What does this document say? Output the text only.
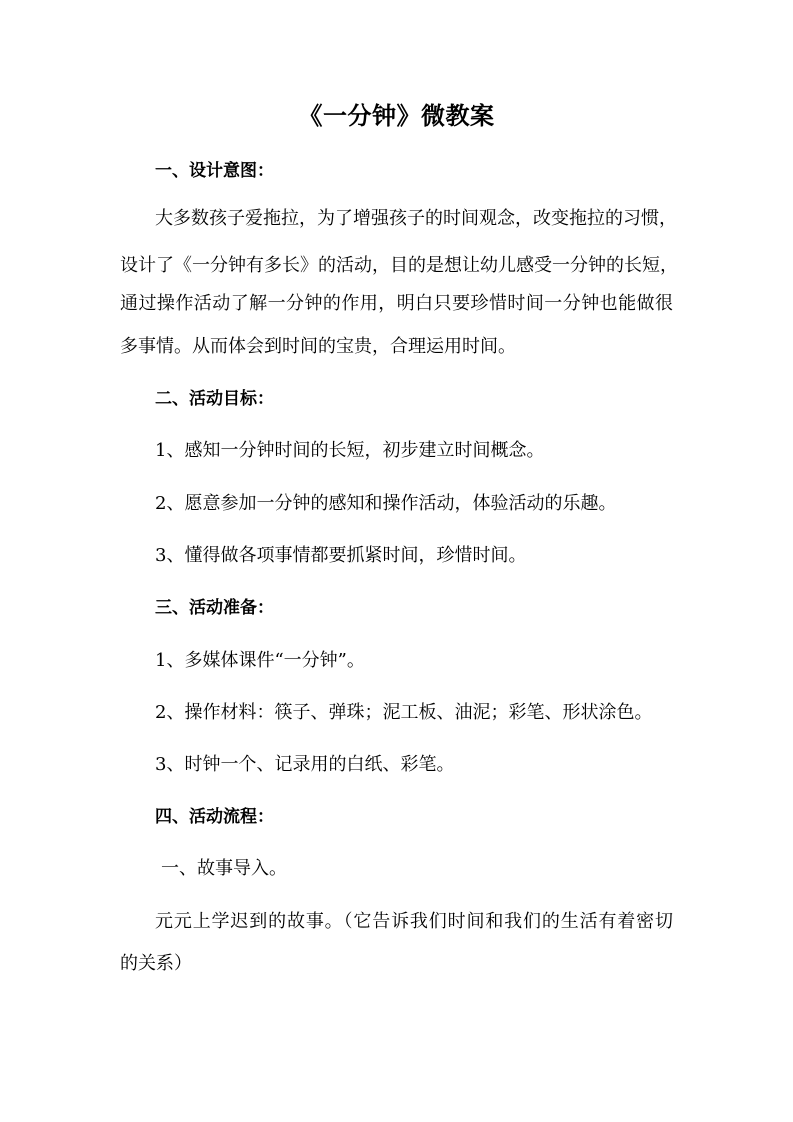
《一分钟》微教案
一、设计意图：
大多数孩子爱拖拉，为了增强孩子的时间观念，改变拖拉的习惯，
设计了《一分钟有多长》的活动，目的是想让幼儿感受一分钟的长短，
通过操作活动了解一分钟的作用，明白只要珍惜时间一分钟也能做很
多事情。从而体会到时间的宝贵，合理运用时间。
二、活动目标：
1、感知一分钟时间的长短，初步建立时间概念。
2、愿意参加一分钟的感知和操作活动，体验活动的乐趣。
3、懂得做各项事情都要抓紧时间，珍惜时间。
三、活动准备：
1、多媒体课件“一分钟”。
2、操作材料：筷子、弹珠；泥工板、油泥；彩笔、形状涂色。
3、时钟一个、记录用的白纸、彩笔。
四、活动流程：
一、故事导入。
元元上学迟到的故事。（它告诉我们时间和我们的生活有着密切
的关系）
